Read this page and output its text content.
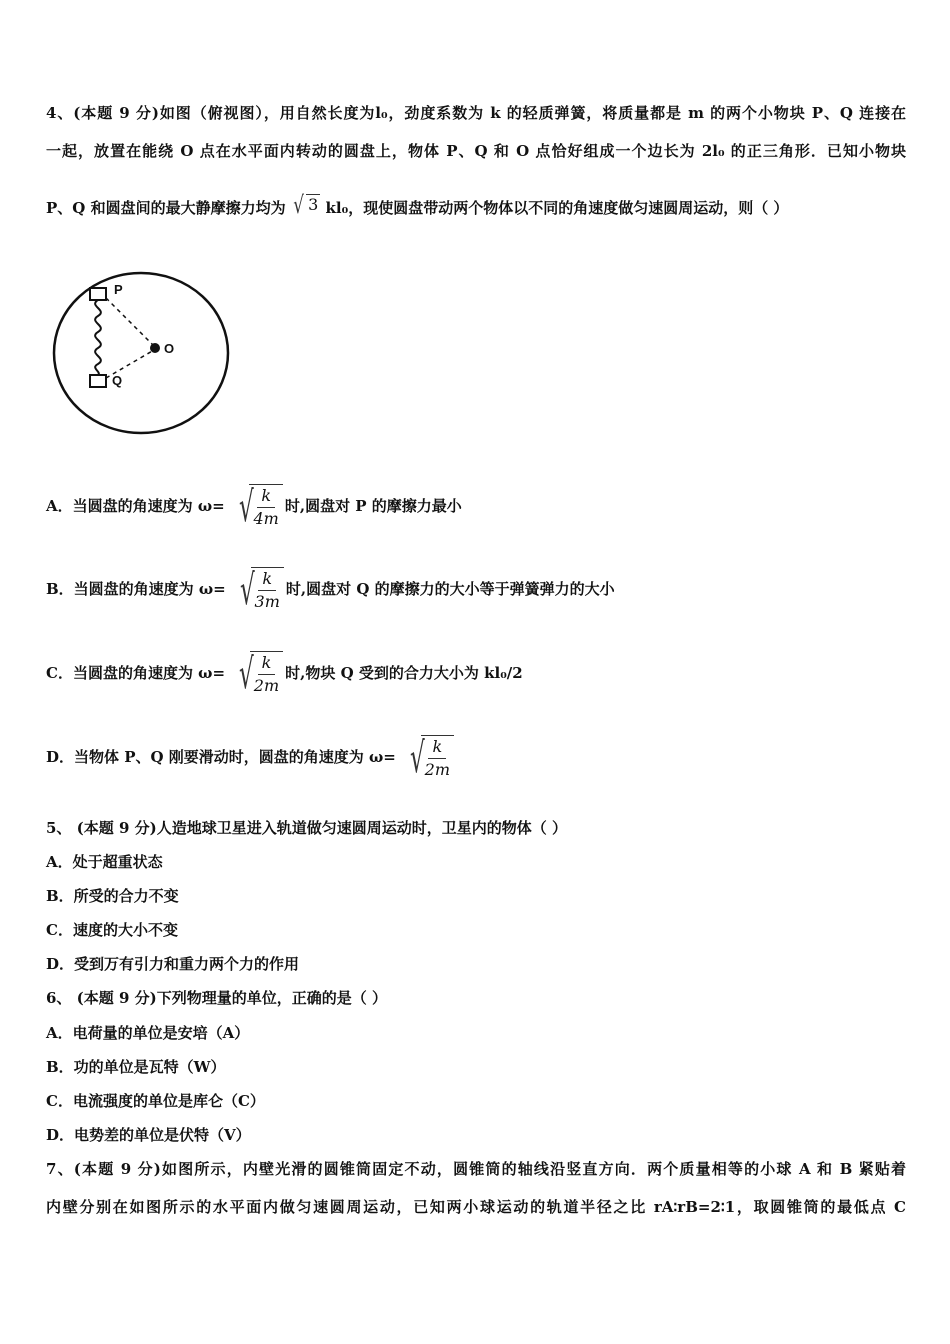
4、(本题 9 分)如图（俯视图），用自然长度为l₀，劲度系数为 k 的轻质弹簧，将质量都是 m 的两个小物块 P、Q 连接在
一起，放置在能绕 O 点在水平面内转动的圆盘上，物体 P、Q 和 O 点恰好组成一个边长为 2l₀ 的正三角形．已知小物块
P、Q 和圆盘间的最大静摩擦力均为 √ 3 kl₀，现使圆盘带动两个物体以不同的角速度做匀速圆周运动，则（ ）
P
Q
O
A．当圆盘的角速度为 ω= √
$\frac{k}{4m}$ 时,圆盘对 P 的摩擦力最小
B．当圆盘的角速度为 ω= √
$\frac{k}{3m}$ 时,圆盘对 Q 的摩擦力的大小等于弹簧弹力的大小
C．当圆盘的角速度为 ω= √
$\frac{k}{2m}$ 时,物块 Q 受到的合力大小为 kl₀/2
D．当物体 P、Q 刚要滑动时，圆盘的角速度为 ω= √
$\frac{k}{2m}$
5、 (本题 9 分)人造地球卫星进入轨道做匀速圆周运动时，卫星内的物体（ ）
A．处于超重状态
B．所受的合力不变
C．速度的大小不变
D．受到万有引力和重力两个力的作用
6、 (本题 9 分)下列物理量的单位，正确的是（ ）
A．电荷量的单位是安培（A）
B．功的单位是瓦特（W）
C．电流强度的单位是库仑（C）
D．电势差的单位是伏特（V）
7、(本题 9 分)如图所示，内壁光滑的圆锥筒固定不动，圆锥筒的轴线沿竖直方向．两个质量相等的小球 A 和 B 紧贴着
内壁分别在如图所示的水平面内做匀速圆周运动，已知两小球运动的轨道半径之比 rA∶rB=2∶1，取圆锥筒的最低点 C
